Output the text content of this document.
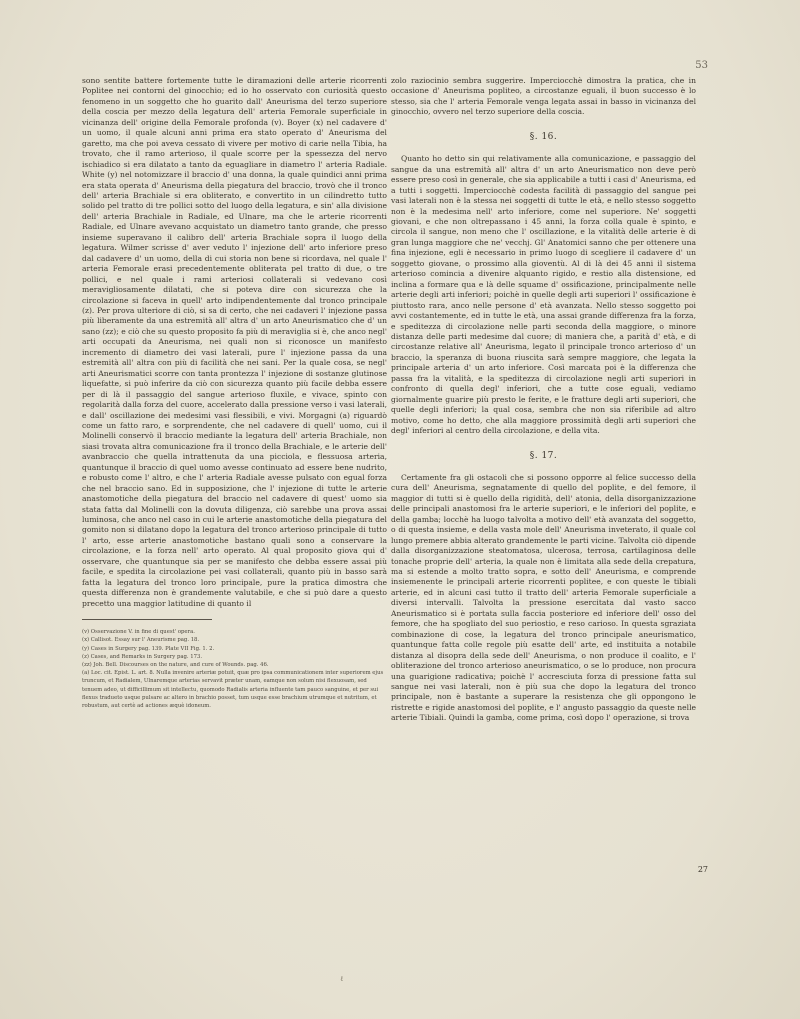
53

sono sentite battere fortemente tutte le diramazioni delle arterie ricorrenti Poplitee nei contorni del ginocchio; ed io ho osservato con curiosità questo fenomeno in un soggetto che ho guarito dall' Aneurisma del terzo superiore della coscia per mezzo della legatura dell' arteria Femorale superficiale in vicinanza dell' origine della Femorale profonda (v). Boyer (x) nel cadavere d' un uomo, il quale alcuni anni prima era stato operato d' Aneurisma del garetto, ma che poi aveva cessato di vivere per motivo di carie nella Tibia, ha trovato, che il ramo arterioso, il quale scorre per la spessezza del nervo ischiadico si era dilatato a tanto da eguagliare in diametro l' arteria Radiale. White (y) nel notomizzare il braccio d' una donna, la quale quindici anni prima era stata operata d' Aneurisma della piegatura del braccio, trovò che il tronco dell' arteria Brachiale si era obliterato, e convertito in un cilindretto tutto solido pel tratto di tre pollici sotto del luogo della legatura, e sin' alla divisione dell' arteria Brachiale in Radiale, ed Ulnare, ma che le arterie ricorrenti Radiale, ed Ulnare avevano acquistato un diametro tanto grande, che presso insieme superavano il calibro dell' arteria Brachiale sopra il luogo della legatura. Wilmer scrisse d' aver veduto l' injezione dell' arto inferiore preso dal cadavere d' un uomo, della di cui storia non bene si ricordava, nel quale l' arteria Femorale erasi precedentemente obliterata pel tratto di due, o tre pollici, e nel quale i rami arteriosi collaterali si vedevano così meravigliosamente dilatati, che si poteva dire con sicurezza che la circolazione si faceva in quell' arto indipendentemente dal tronco principale (z). Per prova ulteriore di ciò, si sa di certo, che nei cadaveri l' injezione passa più liberamente da una estremità all' altra d' un arto Aneurismatico che d' un sano (zz); e ciò che su questo proposito fa più di meraviglia si è, che anco negl' arti occupati da Aneurisma, nei quali non si riconosce un manifesto incremento di diametro dei vasi laterali, pure l' injezione passa da una estremità all' altra con più di facilità che nei sani. Per la quale cosa, se negl' arti Aneurismatici scorre con tanta prontezza l' injezione di sostanze glutinose liquefatte, si può inferire da ciò con sicurezza quanto più facile debba essere per di là il passaggio del sangue arterioso fluxile, e vivace, spinto con regolarità dalla forza del cuore, accelerato dalla pressione verso i vasi laterali, e dall' oscillazione dei medesimi vasi flessibili, e vivi. Morgagni (a) riguardò come un fatto raro, e sorprendente, che nel cadavere di quell' uomo, cui il Molinelli conservò il braccio mediante la legatura dell' arteria Brachiale, non siasi trovata altra comunicazione fra il tronco della Brachiale, e le arterie dell' avanbraccio che quella intrattenuta da una picciola, e flessuosa arteria, quantunque il braccio di quel uomo avesse continuato ad essere bene nudrito, e robusto come l' altro, e che l' arteria Radiale avesse pulsato con egual forza che nel braccio sano. Ed in supposizione, che l' injezione di tutte le arterie anastomotiche della piegatura del braccio nel cadavere di quest' uomo sia stata fatta dal Molinelli con la dovuta diligenza, ciò sarebbe una prova assai luminosa, che anco nel caso in cui le arterie anastomotiche della piegatura del gomito non si dilatano dopo la legatura del tronco arterioso principale di tutto l' arto, esse arterie anastomotiche bastano quali sono a conservare la circolazione, e la forza nell' arto operato. Al qual proposito giova qui d' osservare, che quantunque sia per se manifesto che debba essere assai più facile, e spedita la circolazione pei vasi collaterali, quanto più in basso sarà fatta la legatura del tronco loro principale, pure la pratica dimostra che questa differenza non è grandemente valutabile, e che si può dare a questo precetto una maggior latitudine di quanto il

(v) Osservazione V. in fine di quest' opera.
(x) Callisot. Essay sur l' Aneurisme pag. 18.
(y) Cases in Surgery pag. 139. Plate VII Fig. 1. 2.
(z) Cases, and Remarks in Surgery pag. 173.
(zz) Joh. Bell. Discourses on the nature, and cure of Wounds. pag. 46.
(a) Loc. cit. Epist. L. art. 8. Nulla invenire arteriæ potuit, quæ pro ipsa communicationem inter superiorem ejus truncum, et Radialem, Ulnaremque arterias servavit præter unam, eamque non solum nisi flexuosam, sed tenuem adeo, ut difficillimum sit intellectu, quomodo Radialis arteria influente tam pauco sanguine, et per sui flexus tradueto usque pulsare ac altero in brachio posset, tum usque esse brachium utrumque et nutritum, et robustum, aut certè ad actiones æquè idoneum.

zolo raziocinio sembra suggerire. Imperciocchè dimostra la pratica, che in occasione d' Aneurisma popliteo, a circostanze eguali, il buon successo è lo stesso, sia che l' arteria Femorale venga legata assai in basso in vicinanza del ginocchio, ovvero nel terzo superiore della coscia.

§. 16.

Quanto ho detto sin qui relativamente alla comunicazione, e passaggio del sangue da una estremità all' altra d' un arto Aneurismatico non deve però essere preso così in generale, che sia applicabile a tutti i casi d' Aneurisma, ed a tutti i soggetti. Imperciocchè codesta facilità di passaggio del sangue pei vasi laterali non è la stessa nei soggetti di tutte le età, e nello stesso soggetto non è la medesima nell' arto inferiore, come nel superiore. Ne' soggetti giovani, e che non oltrepassano i 45 anni, la forza colla quale è spinto, e circola il sangue, non meno che l' oscillazione, e la vitalità delle arterie è di gran lunga maggiore che ne' vecchj. Gl' Anatomici sanno che per ottenere una fina injezione, egli è necessario in primo luogo di scegliere il cadavere d' un soggetto giovane, o prossimo alla gioventù. Al di là dei 45 anni il sistema arterioso comincia a divenire alquanto rigido, e restio alla distensione, ed inclina a formare qua e là delle squame d' ossificazione, principalmente nelle arterie degli arti inferiori; poichè in quelle degli arti superiori l' ossificazione è piuttosto rara, anco nelle persone d' età avanzata. Nello stesso soggetto poi avvi costantemente, ed in tutte le età, una assai grande differenza fra la forza, e speditezza di circolazione nelle parti seconda della maggiore, o minore distanza delle parti medesime dal cuore; di maniera che, a parità d' età, e di circostanze relative all' Aneurisma, legato il principale tronco arterioso d' un braccio, la speranza di buona riuscita sarà sempre maggiore, che legata la principale arteria d' un arto inferiore. Così marcata poi è la differenza che passa fra la vitalità, e la speditezza di circolazione negli arti superiori in confronto di quella degl' inferiori, che a tutte cose eguali, vediamo giornalmente guarire più presto le ferite, e le fratture degli arti superiori, che quelle degli inferiori; la qual cosa, sembra che non sia riferibile ad altro motivo, come ho detto, che alla maggiore prossimità degli arti superiori che degl' inferiori al centro della circolazione, e della vita.

§. 17.

Certamente fra gli ostacoli che si possono opporre al felice successo della cura dell' Aneurisma, segnatamente di quello del poplite, e del femore, il maggior di tutti si è quello della rigidità, dell' atonia, della disorganizzazione delle principali anastomosi fra le arterie superiori, e le inferiori del poplite, e della gamba; locchè ha luogo talvolta a motivo dell' età avanzata del soggetto, o di questa insieme, e della vasta mole dell' Aneurisma inveterato, il quale col lungo premere abbia alterato grandemente le parti vicine. Talvolta ciò dipende dalla disorganizzazione steatomatosa, ulcerosa, terrosa, cartilaginosa delle tonache proprie dell' arteria, la quale non è limitata alla sede della crepatura, ma si estende a molto tratto sopra, e sotto dell' Aneurisma, e comprende insiemenente le principali arterie ricorrenti poplitee, e con queste le tibiali arterie, ed in alcuni casi tutto il tratto dell' arteria Femorale superficiale a diversi intervalli. Talvolta la pressione esercitata dal vasto sacco Aneurismatico si è portata sulla faccia posteriore ed inferiore dell' osso del femore, che ha spogliato del suo periostio, e reso carioso. In questa sgraziata combinazione di cose, la legatura del tronco principale aneurismatico, quantunque fatta colle regole più esatte dell' arte, ed instituita a notabile distanza al disopra della sede dell' Aneurisma, o non produce il coalito, e l' obliterazione del tronco arterioso aneurismatico, o se lo produce, non procura una guarigione radicativa; poichè l' accresciuta forza di pressione fatta sul sangue nei vasi laterali, non è più sua che dopo la legatura del tronco principale, non è bastante a superare la resistenza che gli oppongono le ristrette e rigide anastomosi del poplite, e l' angusto passaggio da queste nelle arterie Tibiali. Quindi la gamba, come prima, così dopo l' operazione, si trova

27
ℓ
